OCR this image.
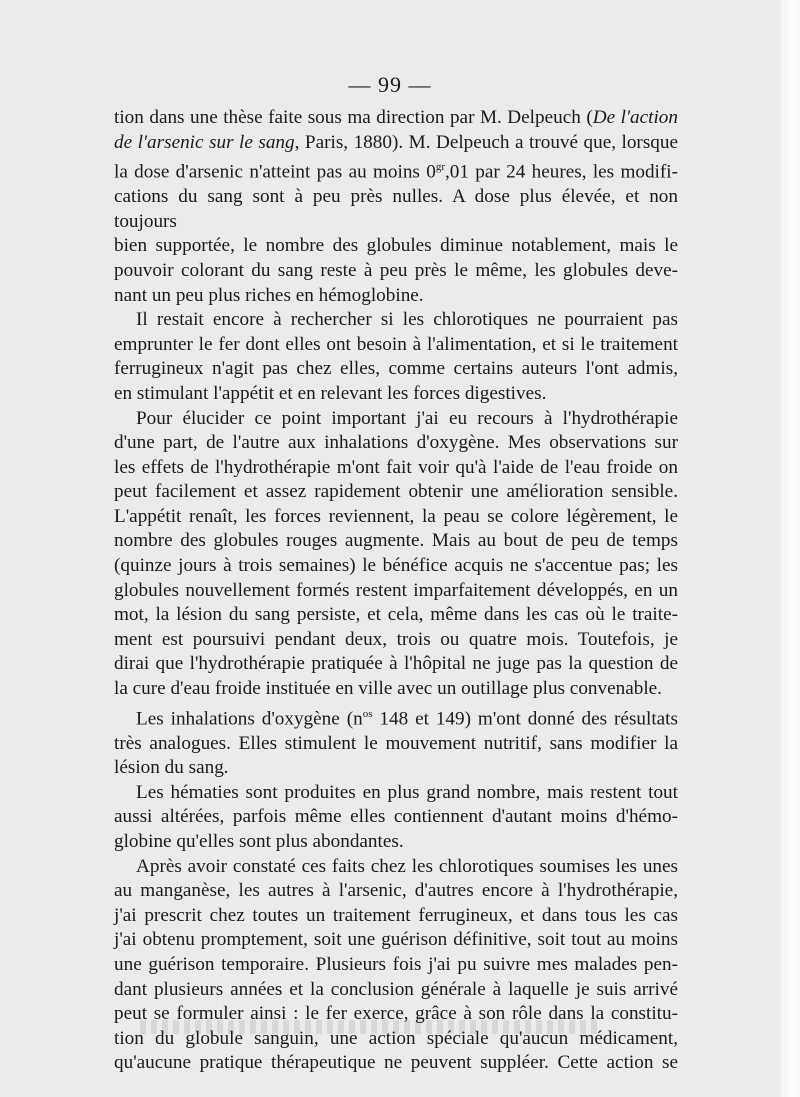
— 99 —

tion dans une thèse faite sous ma direction par M. Delpeuch (De l'action

de l'arsenic sur le sang, Paris, 1880). M. Delpeuch a trouvé que, lorsque

la dose d'arsenic n'atteint pas au moins $0^{gr},01$ par 24 heures, les modifi-

cations du sang sont à peu près nulles. A dose plus élevée, et non toujours

bien supportée, le nombre des globules diminue notablement, mais le

pouvoir colorant du sang reste à peu près le même, les globules deve-

nant un peu plus riches en hémoglobine.

Il restait encore à rechercher si les chlorotiques ne pourraient pas

emprunter le fer dont elles ont besoin à l'alimentation, et si le traitement

ferrugineux n'agit pas chez elles, comme certains auteurs l'ont admis,

en stimulant l'appétit et en relevant les forces digestives.

Pour élucider ce point important j'ai eu recours à l'hydrothérapie

d'une part, de l'autre aux inhalations d'oxygène. Mes observations sur

les effets de l'hydrothérapie m'ont fait voir qu'à l'aide de l'eau froide on

peut facilement et assez rapidement obtenir une amélioration sensible.

L'appétit renaît, les forces reviennent, la peau se colore légèrement, le

nombre des globules rouges augmente. Mais au bout de peu de temps

(quinze jours à trois semaines) le bénéfice acquis ne s'accentue pas; les

globules nouvellement formés restent imparfaitement développés, en un

mot, la lésion du sang persiste, et cela, même dans les cas où le traite-

ment est poursuivi pendant deux, trois ou quatre mois. Toutefois, je

dirai que l'hydrothérapie pratiquée à l'hôpital ne juge pas la question de

la cure d'eau froide instituée en ville avec un outillage plus convenable.

Les inhalations d'oxygène ($n^{os}$ 148 et 149) m'ont donné des résultats

très analogues. Elles stimulent le mouvement nutritif, sans modifier la

lésion du sang.

Les hématies sont produites en plus grand nombre, mais restent tout

aussi altérées, parfois même elles contiennent d'autant moins d'hémo-

globine qu'elles sont plus abondantes.

Après avoir constaté ces faits chez les chlorotiques soumises les unes

au manganèse, les autres à l'arsenic, d'autres encore à l'hydrothérapie,

j'ai prescrit chez toutes un traitement ferrugineux, et dans tous les cas

j'ai obtenu promptement, soit une guérison définitive, soit tout au moins

une guérison temporaire. Plusieurs fois j'ai pu suivre mes malades pen-

dant plusieurs années et la conclusion générale à laquelle je suis arrivé

peut se formuler ainsi : le fer exerce, grâce à son rôle dans la constitu-

tion du globule sanguin, une action spéciale qu'aucun médicament,

qu'aucune pratique thérapeutique ne peuvent suppléer. Cette action se
